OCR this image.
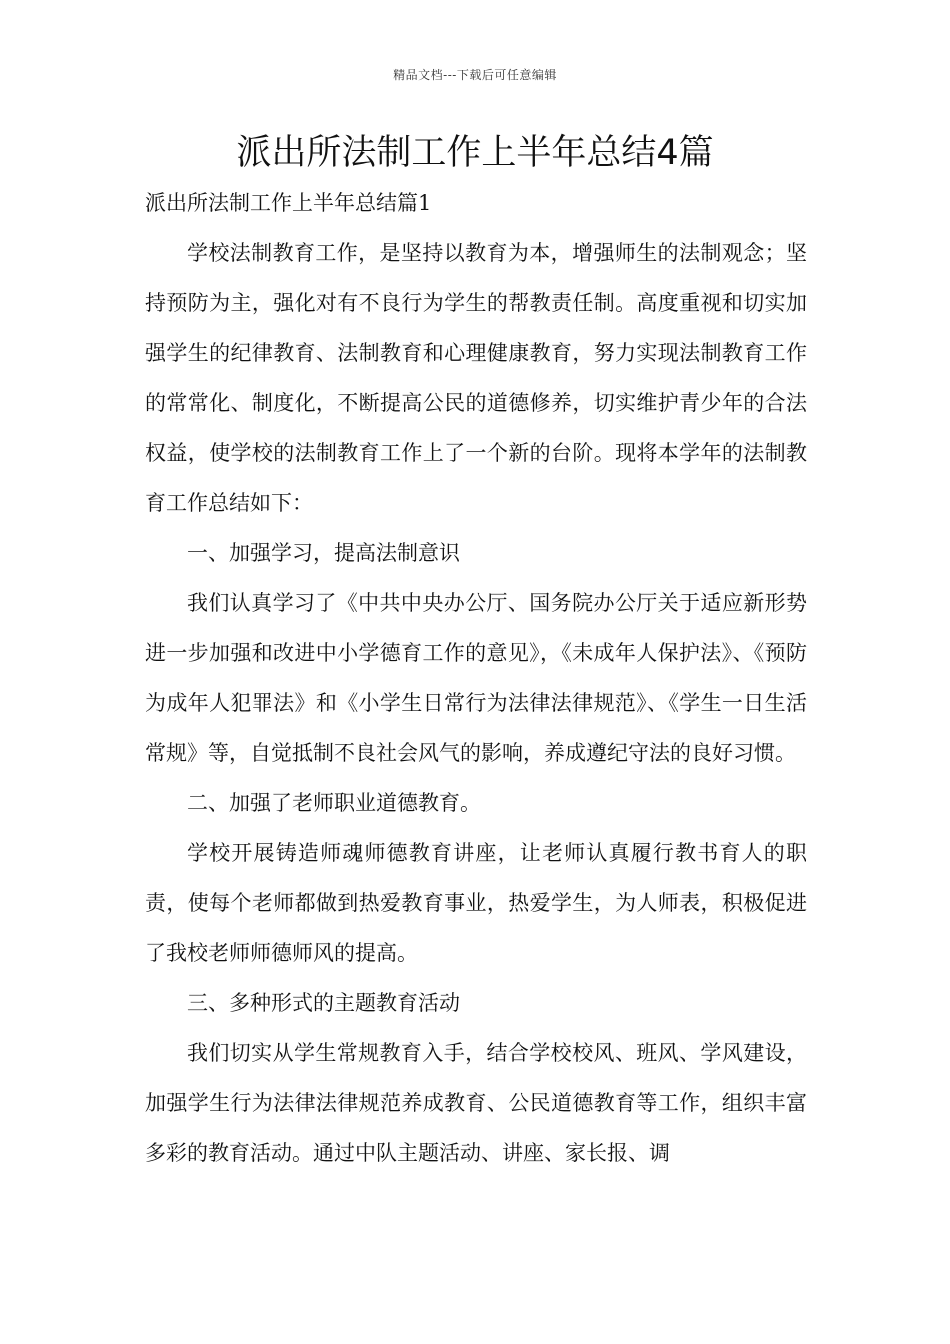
精品文档---下载后可任意编辑
派出所法制工作上半年总结4篇

派出所法制工作上半年总结篇1

学校法制教育工作，是坚持以教育为本，增强师生的法制观念；坚持预防为主，强化对有不良行为学生的帮教责任制。高度重视和切实加强学生的纪律教育、法制教育和心理健康教育，努力实现法制教育工作的常常化、制度化，不断提高公民的道德修养，切实维护青少年的合法权益，使学校的法制教育工作上了一个新的台阶。现将本学年的法制教育工作总结如下：

一、加强学习，提高法制意识

我们认真学习了《中共中央办公厅、国务院办公厅关于适应新形势进一步加强和改进中小学德育工作的意见》，《未成年人保护法》、《预防为成年人犯罪法》和《小学生日常行为法律法律规范》、《学生一日生活常规》等，自觉抵制不良社会风气的影响，养成遵纪守法的良好习惯。

二、加强了老师职业道德教育。

学校开展铸造师魂师德教育讲座，让老师认真履行教书育人的职责，使每个老师都做到热爱教育事业，热爱学生，为人师表，积极促进了我校老师师德师风的提高。

三、多种形式的主题教育活动

我们切实从学生常规教育入手，结合学校校风、班风、学风建设，加强学生行为法律法律规范养成教育、公民道德教育等工作，组织丰富多彩的教育活动。通过中队主题活动、讲座、家长报、调
